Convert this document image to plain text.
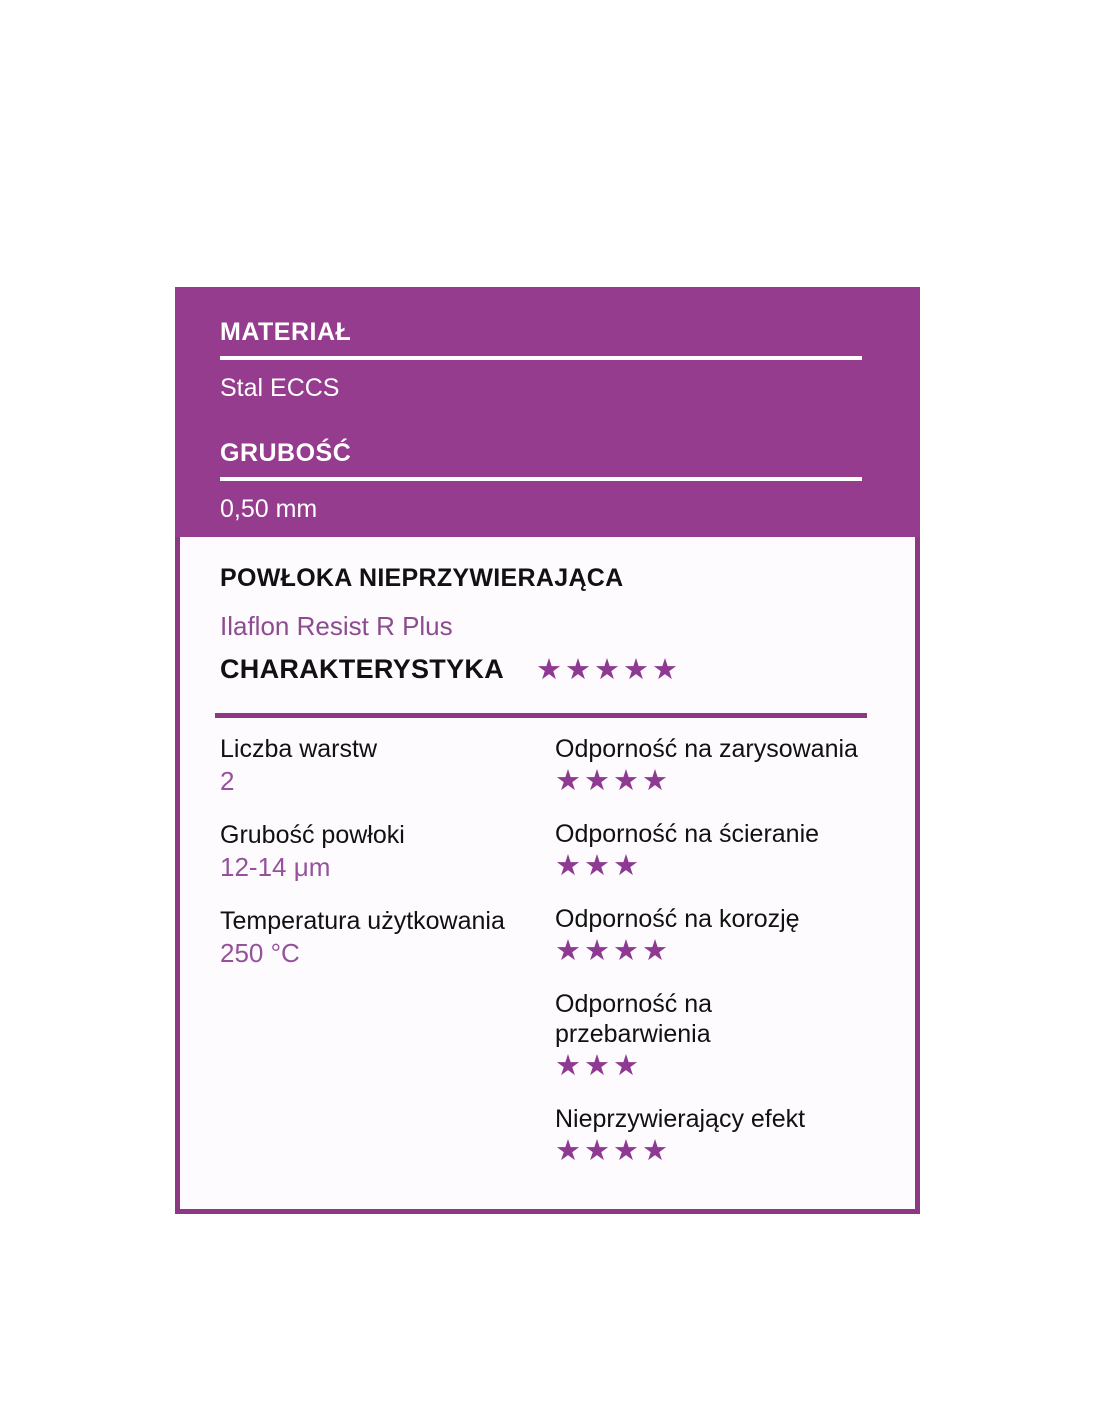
MATERIAŁ
Stal ECCS
GRUBOŚĆ
0,50 mm
POWŁOKA NIEPRZYWIERAJĄCA
Ilaflon Resist R Plus
CHARAKTERYSTYKA ★★★★★
Liczba warstw
2
Grubość powłoki
12-14 μm
Temperatura użytkowania
250 °C
Odporność na zarysowania
★★★★
Odporność na ścieranie
★★★
Odporność na korozję
★★★★
Odporność na przebarwienia
★★★
Nieprzywierający efekt
★★★★
